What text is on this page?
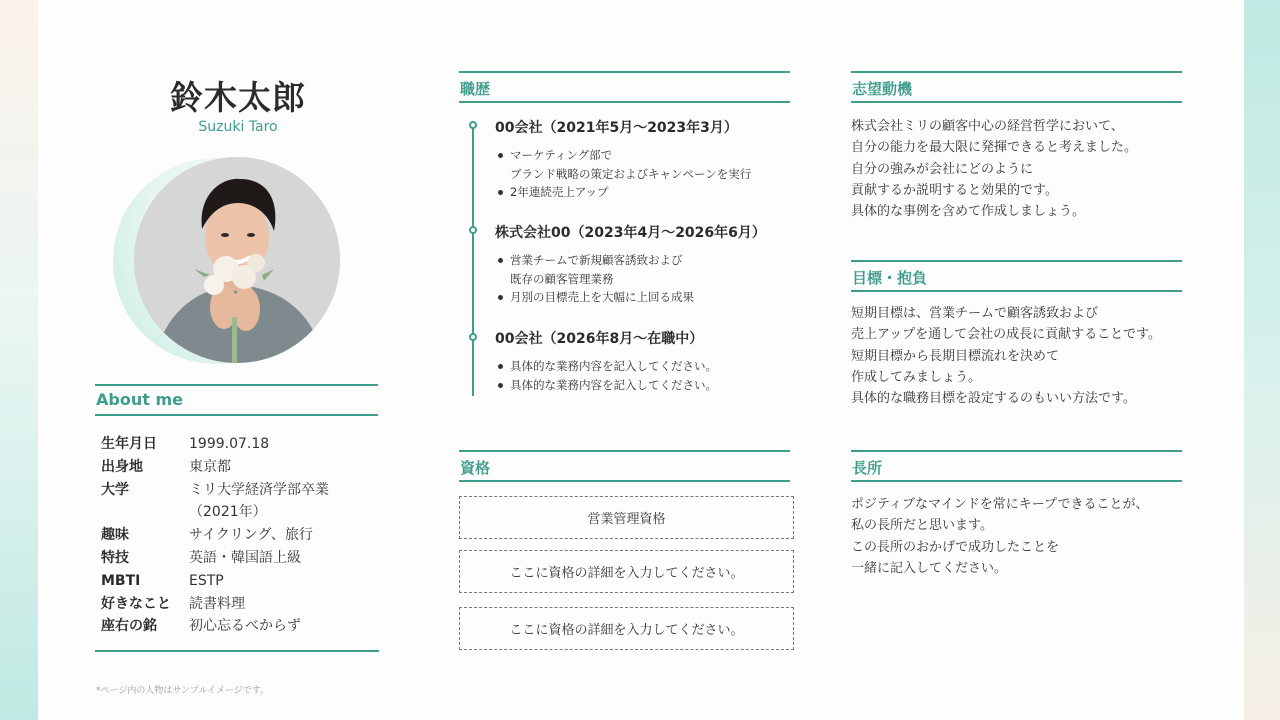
鈴木太郎
Suzuki Taro
About me
生年月日	1999.07.18
出身地	東京都
大学	ミリ大学経済学部卒業
（2021年）
趣味	サイクリング、旅行
特技	英語・韓国語上級
MBTI	ESTP
好きなこと	読書料理
座右の銘	初心忘るべからず
*ページ内の人物はサンプルイメージです。
職歴
00会社（2021年5月～2023年3月）
マーケティング部で
ブランド戦略の策定およびキャンペーンを実行
2年連続売上アップ
株式会社00（2023年4月～2026年6月）
営業チームで新規顧客誘致および
既存の顧客管理業務
月別の目標売上を大幅に上回る成果
00会社（2026年8月～在職中）
具体的な業務内容を記入してください。
具体的な業務内容を記入してください。
資格
営業管理資格
ここに資格の詳細を入力してください。
ここに資格の詳細を入力してください。
志望動機
株式会社ミリの顧客中心の経営哲学において、
自分の能力を最大限に発揮できると考えました。
自分の強みが会社にどのように
貢献するか説明すると効果的です。
具体的な事例を含めて作成しましょう。
目標・抱負
短期目標は、営業チームで顧客誘致および
売上アップを通して会社の成長に貢献することです。
短期目標から長期目標流れを決めて
作成してみましょう。
具体的な職務目標を設定するのもいい方法です。
長所
ポジティブなマインドを常にキープできることが、
私の長所だと思います。
この長所のおかげで成功したことを
一緒に記入してください。
